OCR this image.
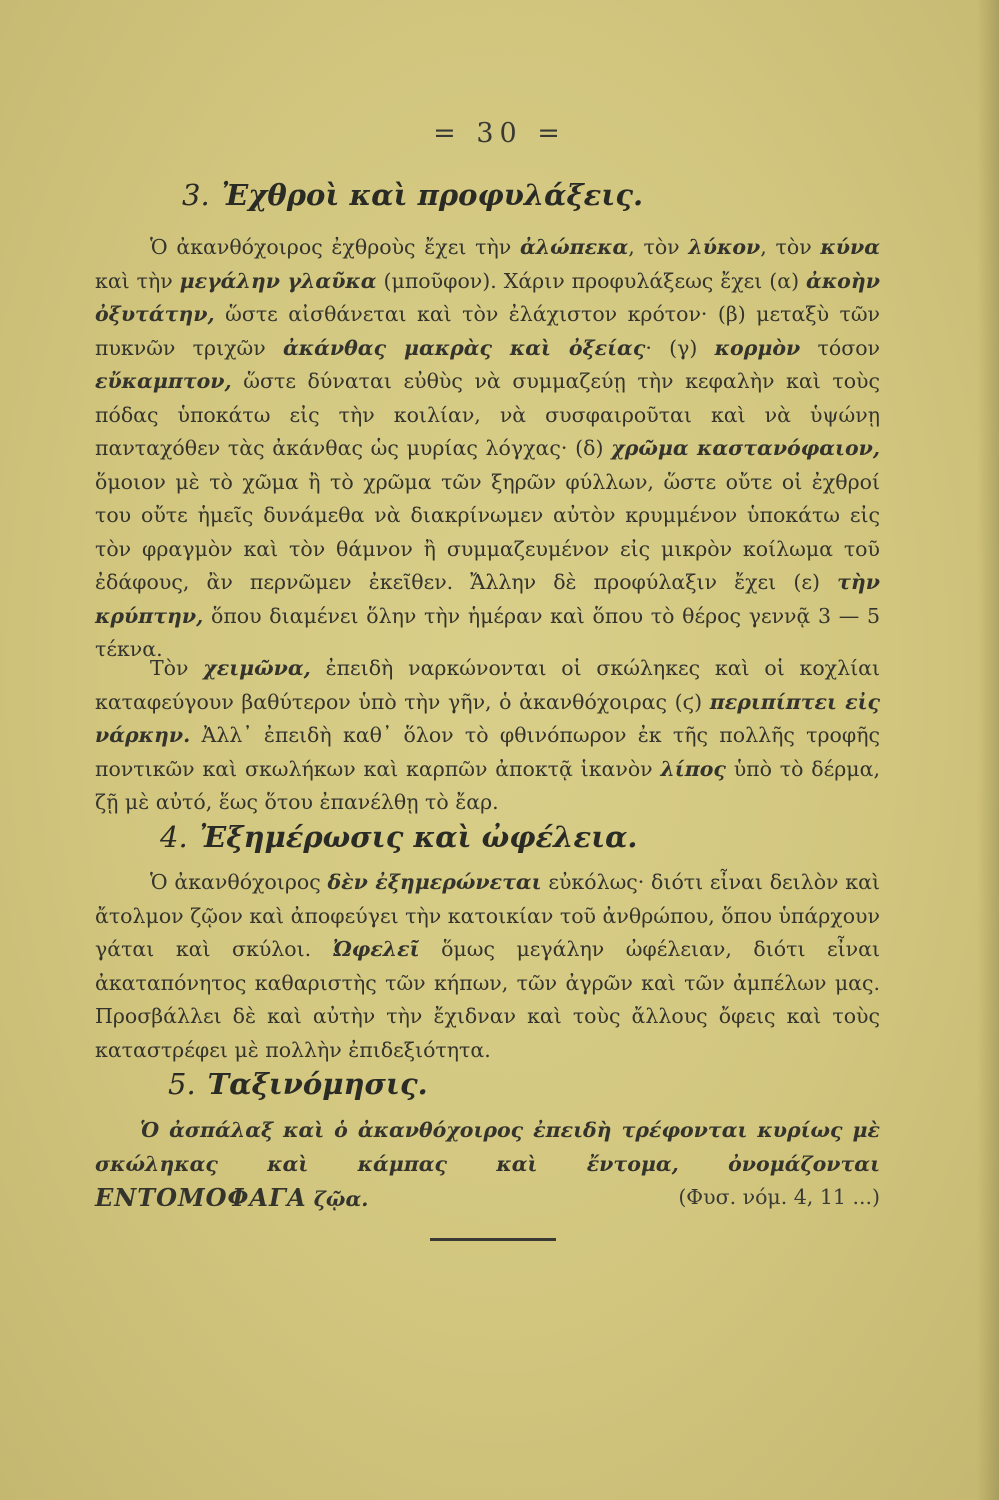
= 30 =
3. Ἐχθροὶ καὶ προφυλάξεις.
Ὁ ἀκανθόχοιρος ἐχθροὺς ἔχει τὴν ἀλώπεκα, τὸν λύκον, τὸν κύνα καὶ τὴν μεγάλην γλαῦκα (μποῦφον). Χάριν προφυλάξεως ἔχει (α) ἀκοὴν ὀξυτάτην, ὥστε αἰσθάνεται καὶ τὸν ἐλάχιστον κρότον· (β) μεταξὺ τῶν πυκνῶν τριχῶν ἀκάνθας μακρὰς καὶ ὀξείας· (γ) κορμὸν τόσον εὔκαμπτον, ὥστε δύναται εὐθὺς νὰ συμμαζεύῃ τὴν κεφαλὴν καὶ τοὺς πόδας ὑποκάτω εἰς τὴν κοιλίαν, νὰ συσφαιροῦται καὶ νὰ ὑψώνῃ πανταχόθεν τὰς ἀκάνθας ὡς μυρίας λόγχας· (δ) χρῶμα καστανόφαιον, ὅμοιον μὲ τὸ χῶμα ἢ τὸ χρῶμα τῶν ξηρῶν φύλλων, ὥστε οὔτε οἱ ἐχθροί του οὔτε ἡμεῖς δυνάμεθα νὰ διακρίνωμεν αὐτὸν κρυμμένον ὑποκάτω εἰς τὸν φραγμὸν καὶ τὸν θάμνον ἢ συμμαζευμένον εἰς μικρὸν κοίλωμα τοῦ ἐδάφους, ἂν περνῶμεν ἐκεῖθεν. Ἄλλην δὲ προφύλαξιν ἔχει (ε) τὴν κρύπτην, ὅπου διαμένει ὅλην τὴν ἡμέραν καὶ ὅπου τὸ θέρος γεννᾷ 3 — 5 τέκνα.
Τὸν χειμῶνα, ἐπειδὴ ναρκώνονται οἱ σκώληκες καὶ οἱ κοχλίαι καταφεύγουν βαθύτερον ὑπὸ τὴν γῆν, ὁ ἀκανθόχοιρας (ϛ) περιπίπτει εἰς νάρκην. Ἀλλ᾽ ἐπειδὴ καθ᾽ ὅλον τὸ φθινόπωρον ἐκ τῆς πολλῆς τροφῆς ποντικῶν καὶ σκωλήκων καὶ καρπῶν ἀποκτᾷ ἱκανὸν λίπος ὑπὸ τὸ δέρμα, ζῇ μὲ αὐτό, ἕως ὅτου ἐπανέλθῃ τὸ ἔαρ.
4. Ἐξημέρωσις καὶ ὠφέλεια.
Ὁ ἀκανθόχοιρος δὲν ἐξημερώνεται εὐκόλως· διότι εἶναι δειλὸν καὶ ἄτολμον ζῷον καὶ ἀποφεύγει τὴν κατοικίαν τοῦ ἀνθρώπου, ὅπου ὑπάρχουν γάται καὶ σκύλοι. Ὠφελεῖ ὅμως μεγάλην ὠφέλειαν, διότι εἶναι ἀκαταπόνητος καθαριστὴς τῶν κήπων, τῶν ἀγρῶν καὶ τῶν ἀμπέλων μας. Προσβάλλει δὲ καὶ αὐτὴν τὴν ἔχιδναν καὶ τοὺς ἄλλους ὄφεις καὶ τοὺς καταστρέφει μὲ πολλὴν ἐπιδεξιότητα.
5. Ταξινόμησις.
Ὁ ἀσπάλαξ καὶ ὁ ἀκανθόχοιρος ἐπειδὴ τρέφονται κυρίως μὲ σκώληκας καὶ κάμπας καὶ ἔντομα, ὀνομάζονται ΕΝΤΟΜΟΦΑΓΑ ζῷα.	(Φυσ. νόμ. 4, 11 ...)
